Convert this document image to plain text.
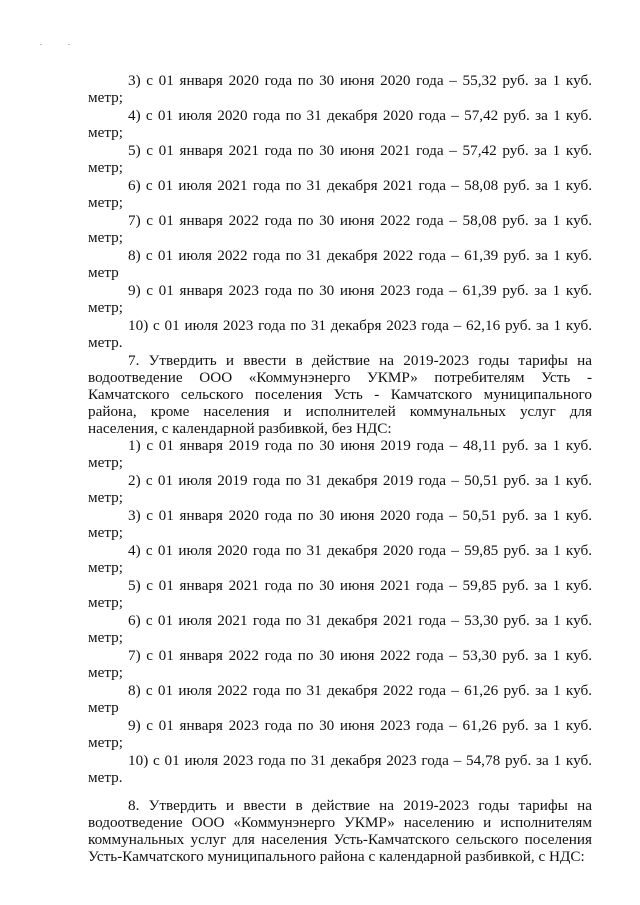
3) с 01 января 2020 года по 30 июня 2020 года – 55,32 руб. за 1 куб.
метр;
4) с 01 июля 2020 года по 31 декабря 2020 года – 57,42 руб. за 1 куб.
метр;
5) с 01 января 2021 года по 30 июня 2021 года – 57,42 руб. за 1 куб.
метр;
6) с 01 июля 2021 года по 31 декабря 2021 года – 58,08 руб. за 1 куб.
метр;
7) с 01 января 2022 года по 30 июня 2022 года – 58,08 руб. за 1 куб.
метр;
8) с 01 июля 2022 года по 31 декабря 2022 года – 61,39 руб. за 1 куб.
метр
9) с 01 января 2023 года по 30 июня 2023 года – 61,39 руб. за 1 куб.
метр;
10) с 01 июля 2023 года по 31 декабря 2023 года – 62,16 руб. за 1 куб.
метр.

7. Утвердить и ввести в действие на 2019-2023 годы тарифы на водоотведение ООО «Коммунэнерго УКМР» потребителям Усть - Камчатского сельского поселения Усть - Камчатского муниципального района, кроме населения и исполнителей коммунальных услуг для населения, с календарной разбивкой, без НДС:

1) с 01 января 2019 года по 30 июня 2019 года – 48,11 руб. за 1 куб.
метр;
2) с 01 июля 2019 года по 31 декабря 2019 года – 50,51 руб. за 1 куб.
метр;
3) с 01 января 2020 года по 30 июня 2020 года – 50,51 руб. за 1 куб.
метр;
4) с 01 июля 2020 года по 31 декабря 2020 года – 59,85 руб. за 1 куб.
метр;
5) с 01 января 2021 года по 30 июня 2021 года – 59,85 руб. за 1 куб.
метр;
6) с 01 июля 2021 года по 31 декабря 2021 года – 53,30 руб. за 1 куб.
метр;
7) с 01 января 2022 года по 30 июня 2022 года – 53,30 руб. за 1 куб.
метр;
8) с 01 июля 2022 года по 31 декабря 2022 года – 61,26 руб. за 1 куб.
метр
9) с 01 января 2023 года по 30 июня 2023 года – 61,26 руб. за 1 куб.
метр;
10) с 01 июля 2023 года по 31 декабря 2023 года – 54,78 руб. за 1 куб.
метр.

8. Утвердить и ввести в действие на 2019-2023 годы тарифы на водоотведение ООО «Коммунэнерго УКМР» населению и исполнителям коммунальных услуг для населения Усть-Камчатского сельского поселения Усть-Камчатского муниципального района с календарной разбивкой, с НДС:
